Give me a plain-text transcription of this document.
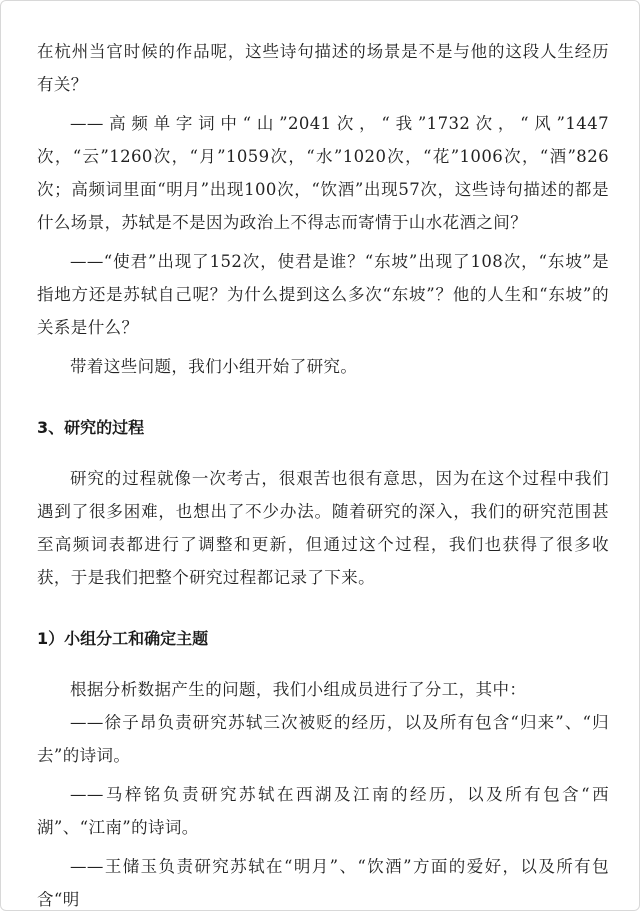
在杭州当官时候的作品呢，这些诗句描述的场景是不是与他的这段人生经历有关？

——高频单字词中“山”2041次，“我”1732次，“风”1447次，“云”1260次，“月”1059次，“水”1020次，“花”1006次，“酒”826次；高频词里面“明月”出现100次，“饮酒”出现57次，这些诗句描述的都是什么场景，苏轼是不是因为政治上不得志而寄情于山水花酒之间？

——“使君”出现了152次，使君是谁？“东坡”出现了108次，“东坡”是指地方还是苏轼自己呢？为什么提到这么多次“东坡”？他的人生和“东坡”的关系是什么？

带着这些问题，我们小组开始了研究。

3、研究的过程

研究的过程就像一次考古，很艰苦也很有意思，因为在这个过程中我们遇到了很多困难，也想出了不少办法。随着研究的深入，我们的研究范围甚至高频词表都进行了调整和更新，但通过这个过程，我们也获得了很多收获，于是我们把整个研究过程都记录了下来。

1）小组分工和确定主题

根据分析数据产生的问题，我们小组成员进行了分工，其中：

——徐子昂负责研究苏轼三次被贬的经历，以及所有包含“归来”、“归去”的诗词。

——马梓铭负责研究苏轼在西湖及江南的经历，以及所有包含“西湖”、“江南”的诗词。

——王储玉负责研究苏轼在“明月”、“饮酒”方面的爱好，以及所有包含“明
